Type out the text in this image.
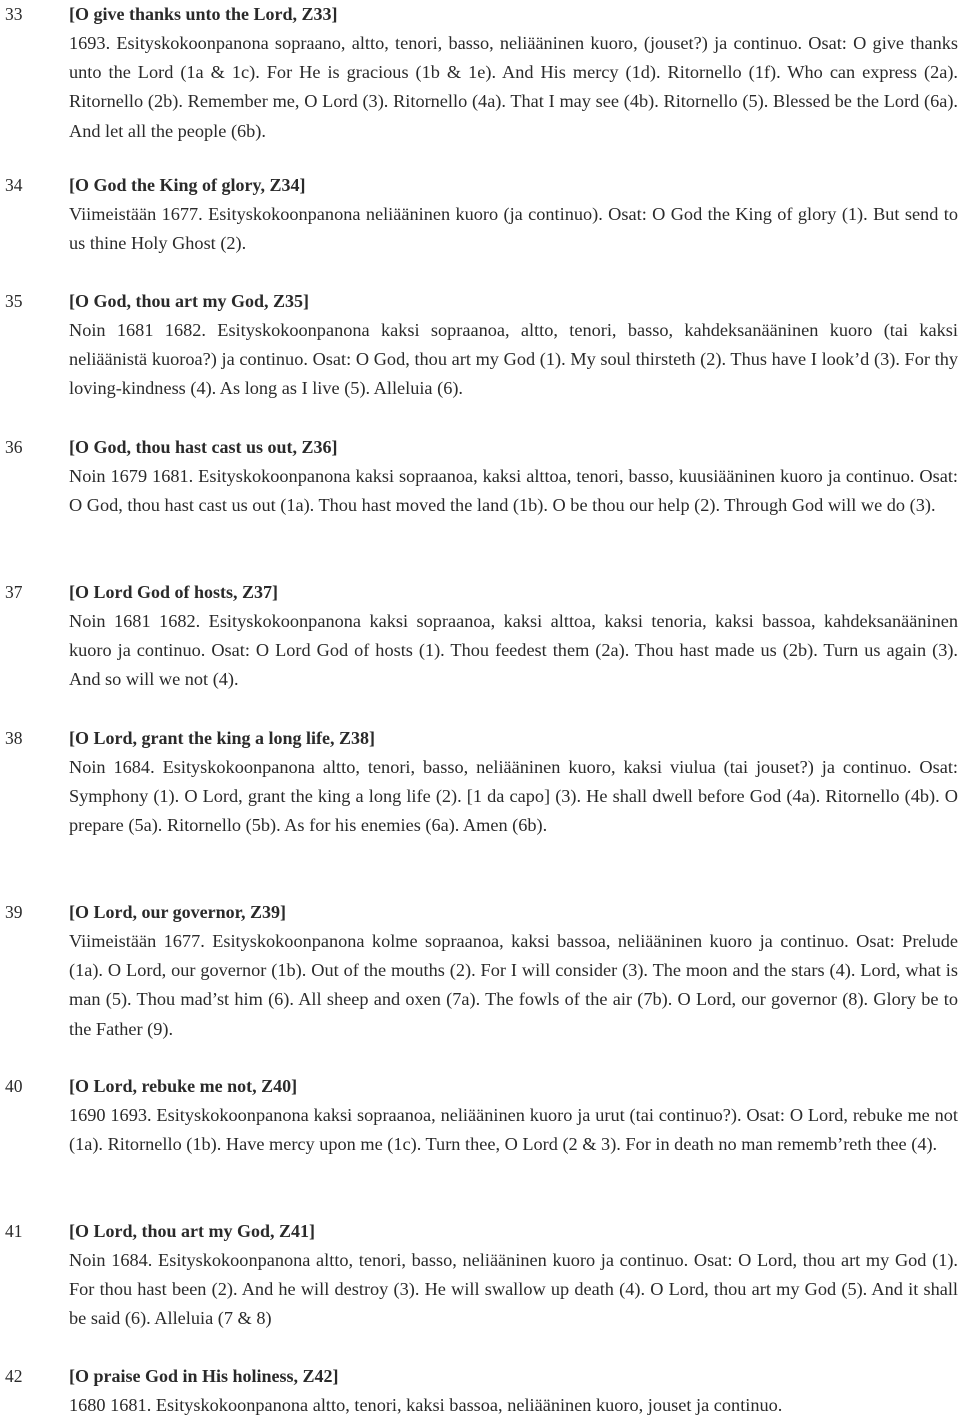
33	[O give thanks unto the Lord, Z33]
1693. Esityskokoonpanona sopraano, altto, tenori, basso, neliääninen kuoro, (jouset?) ja continuo. Osat: O give thanks unto the Lord (1a & 1c). For He is gracious (1b & 1e). And His mercy (1d). Ritornello (1f). Who can express (2a). Ritornello (2b). Remember me, O Lord (3). Ritornello (4a). That I may see (4b). Ritornello (5). Blessed be the Lord (6a). And let all the people (6b).
34	[O God the King of glory, Z34]
Viimeistään 1677. Esityskokoonpanona neliääninen kuoro (ja continuo). Osat: O God the King of glory (1). But send to us thine Holy Ghost (2).
35	[O God, thou art my God, Z35]
Noin 1681 1682. Esityskokoonpanona kaksi sopraanoa, altto, tenori, basso, kahdeksanääninen kuoro (tai kaksi neliäänistä kuoroa?) ja continuo. Osat: O God, thou art my God (1). My soul thirsteth (2). Thus have I look’d (3). For thy loving-kindness (4). As long as I live (5). Alleluia (6).
36	[O God, thou hast cast us out, Z36]
Noin 1679 1681. Esityskokoonpanona kaksi sopraanoa, kaksi alttoa, tenori, basso, kuusiääninen kuoro ja continuo. Osat: O God, thou hast cast us out (1a). Thou hast moved the land (1b). O be thou our help (2). Through God will we do (3).
37	[O Lord God of hosts, Z37]
Noin 1681 1682. Esityskokoonpanona kaksi sopraanoa, kaksi alttoa, kaksi tenoria, kaksi bassoa, kahdeksanääninen kuoro ja continuo. Osat: O Lord God of hosts (1). Thou feedest them (2a). Thou hast made us (2b). Turn us again (3). And so will we not (4).
38	[O Lord, grant the king a long life, Z38]
Noin 1684. Esityskokoonpanona altto, tenori, basso, neliääninen kuoro, kaksi viulua (tai jouset?) ja continuo. Osat: Symphony (1). O Lord, grant the king a long life (2). [1 da capo] (3). He shall dwell before God (4a). Ritornello (4b). O prepare (5a). Ritornello (5b). As for his enemies (6a). Amen (6b).
39	[O Lord, our governor, Z39]
Viimeistään 1677. Esityskokoonpanona kolme sopraanoa, kaksi bassoa, neliääninen kuoro ja continuo. Osat: Prelude (1a). O Lord, our governor (1b). Out of the mouths (2). For I will consider (3). The moon and the stars (4). Lord, what is man (5). Thou mad’st him (6). All sheep and oxen (7a). The fowls of the air (7b). O Lord, our governor (8). Glory be to the Father (9).
40	[O Lord, rebuke me not, Z40]
1690 1693. Esityskokoonpanona kaksi sopraanoa, neliääninen kuoro ja urut (tai continuo?). Osat: O Lord, rebuke me not (1a). Ritornello (1b). Have mercy upon me (1c). Turn thee, O Lord (2 & 3). For in death no man rememb’reth thee (4).
41	[O Lord, thou art my God, Z41]
Noin 1684. Esityskokoonpanona altto, tenori, basso, neliääninen kuoro ja continuo. Osat: O Lord, thou art my God (1). For thou hast been (2). And he will destroy (3). He will swallow up death (4). O Lord, thou art my God (5). And it shall be said (6). Alleluia (7 & 8)
42	[O praise God in His holiness, Z42]
1680 1681. Esityskokoonpanona altto, tenori, kaksi bassoa, neliääninen kuoro, jouset ja continuo.
